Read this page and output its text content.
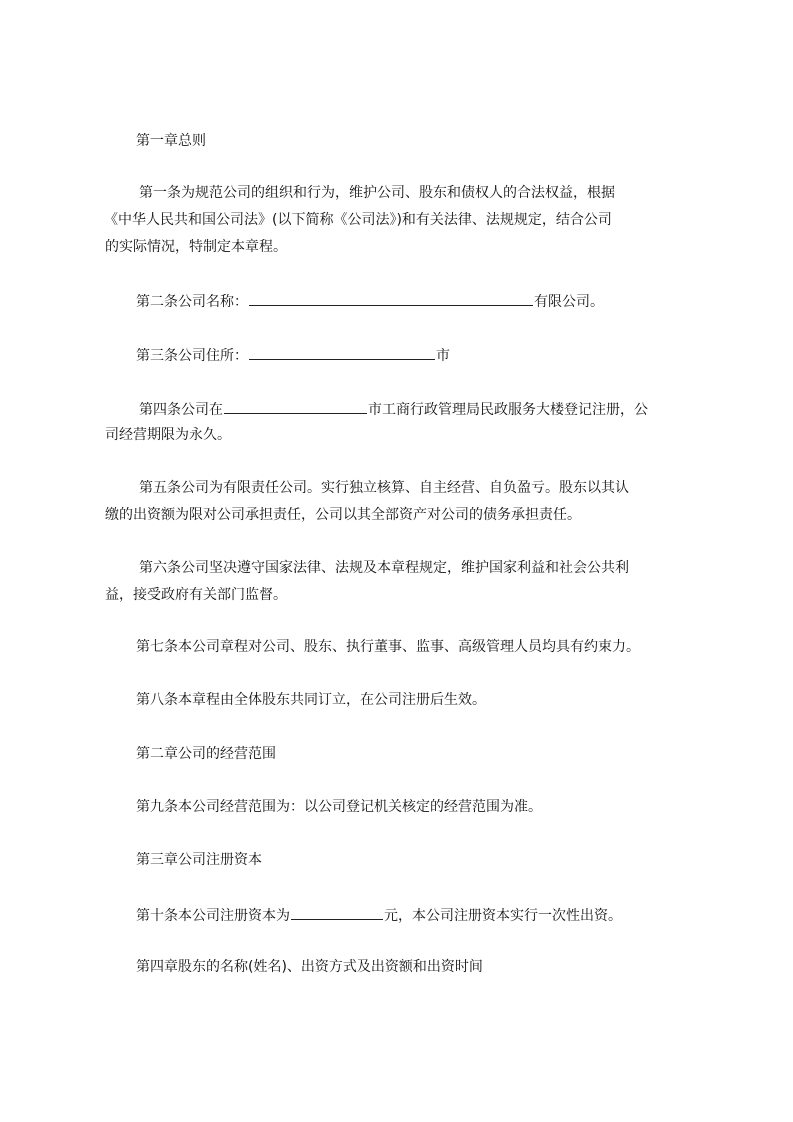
第一章总则
第一条为规范公司的组织和行为，维护公司、股东和债权人的合法权益，根据
《中华人民共和国公司法》(以下简称《公司法》)和有关法律、法规规定，结合公司
的实际情况，特制定本章程。
第二条公司名称：	有限公司。
第三条公司住所：	市
第四条公司在	市工商行政管理局民政服务大楼登记注册，公
司经营期限为永久。
第五条公司为有限责任公司。实行独立核算、自主经营、自负盈亏。股东以其认
缴的出资额为限对公司承担责任，公司以其全部资产对公司的债务承担责任。
第六条公司坚决遵守国家法律、法规及本章程规定，维护国家利益和社会公共利
益，接受政府有关部门监督。
第七条本公司章程对公司、股东、执行董事、监事、高级管理人员均具有约束力。
第八条本章程由全体股东共同订立，在公司注册后生效。
第二章公司的经营范围
第九条本公司经营范围为：以公司登记机关核定的经营范围为准。
第三章公司注册资本
第十条本公司注册资本为	元，本公司注册资本实行一次性出资。
第四章股东的名称(姓名)、出资方式及出资额和出资时间
